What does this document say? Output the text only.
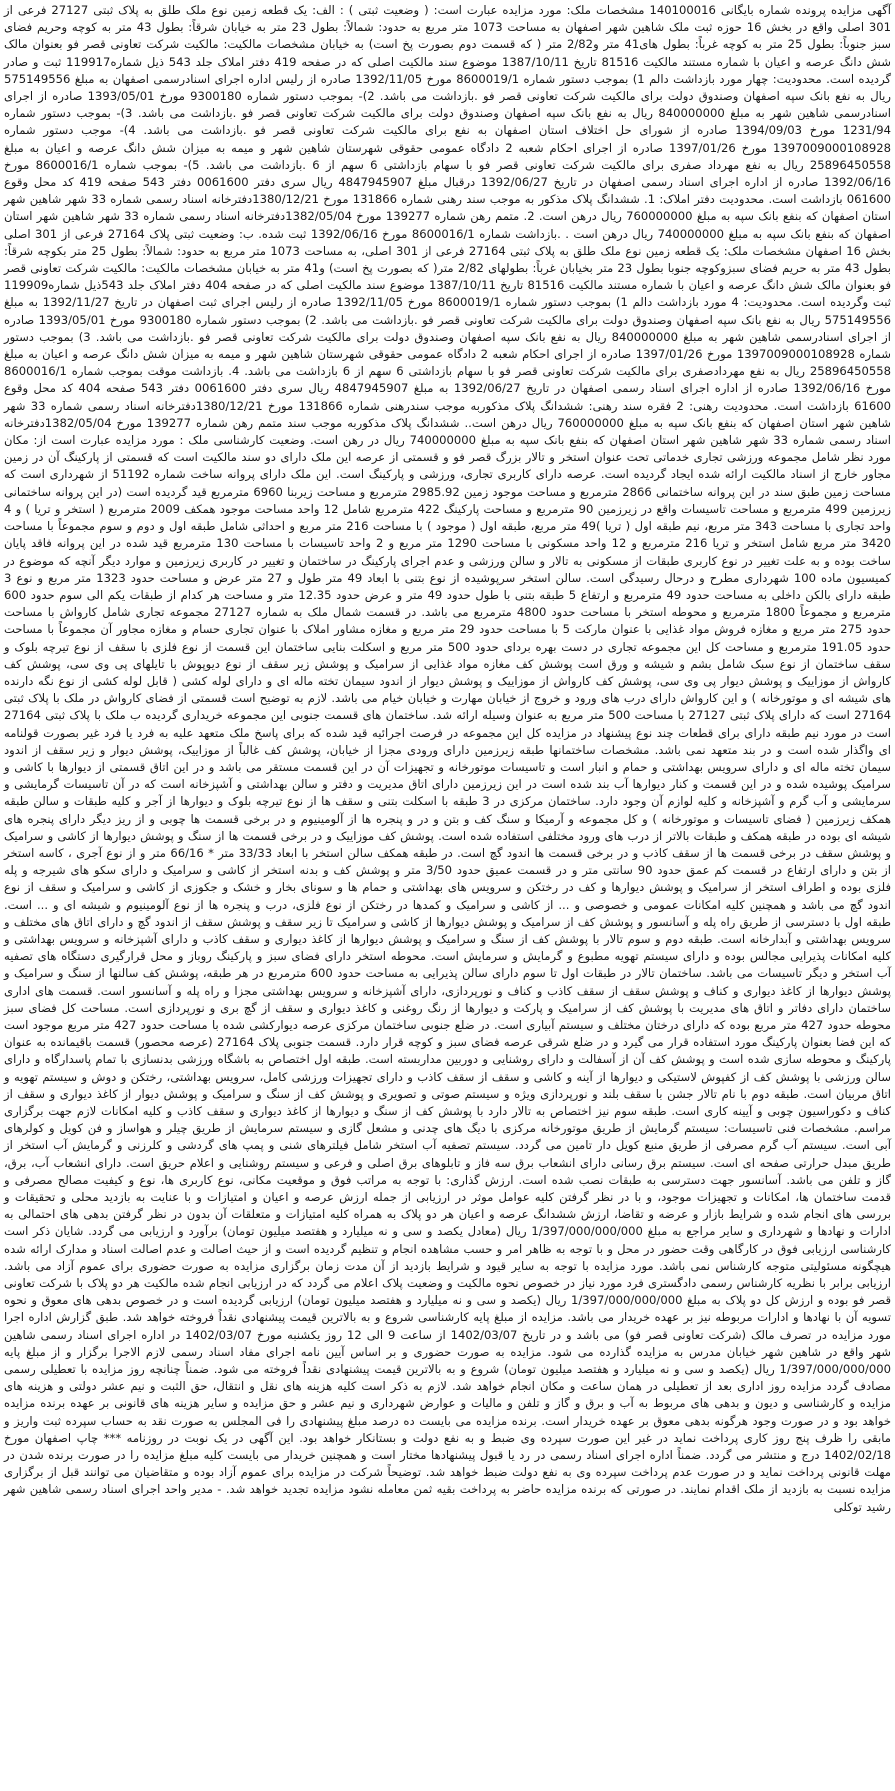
آگهی مزایده پرونده شماره بایگانی 140100016 مشخصات ملک: مورد مزایده عبارت است: ( وضعیت ثبتی ) : الف: یک قطعه زمین نوع ملک طلق به پلاک ثبتی 27127 فرعی از 301 اصلی واقع در بخش 16 حوزه ثبت ملک شاهین شهر اصفهان به مساحت 1073 متر مربع به حدود: شمالاً: بطول 23 متر به خیابان شرقاً: بطول 43 متر به کوچه وحریم فضای سبز جنوباً: بطول 25 متر به کوچه غرباً: بطول های41 متر و2/82 متر ( که قسمت دوم بصورت پخ است) به خیابان مشخصات مالکیت: مالکیت شرکت تعاونی قصر فو بعنوان مالک شش دانگ عرصه و اعیان با شماره مستند مالکیت 81516 تاریخ 1387/10/11 موضوع سند مالکیت اصلی که در صفحه 419 دفتر املاک جلد 543 ذیل شماره119917 ثبت و صادر گردیده است. محدودیت: چهار مورد بازداشت دالم 1) بموجب دستور شماره 8600019/1 مورخ 1392/11/05 صادره از رلیس اداره اجرای اسنادرسمی اصفهان به مبلغ 575149556 ریال به نفع بانک سپه اصفهان وصندوق دولت برای مالکیت شرکت تعاونی قصر فو .بازداشت می باشد. 2)- بموجب دستور شماره 9300180 مورخ 1393/05/01 صادره از اجرای اسنادرسمی شاهین شهر به مبلغ 840000000 ریال به نفع بانک سپه اصفهان وصندوق دولت برای مالکیت شرکت تعاونی قصر فو .بازداشت می باشد. 3)- بموجب دستور شماره 1231/94 مورخ 1394/09/03 صادره از شورای حل اختلاف استان اصفهان به نفع برای مالکیت شرکت تعاونی قصر فو .بازداشت می باشد. 4)- موجب دستور شماره 1397009000108928 مورخ 1397/01/26 صادره از اجرای احکام شعبه 2 دادگاه عمومی حقوقی شهرستان شاهین شهر و میمه به میزان شش دانگ عرصه و اعیان به مبلغ 25896450558 ریال به نفع مهرداد صفری برای مالکیت شرکت تعاونی قصر فو با سهام بازداشتی 6 سهم از 6 .بازداشت می باشد. 5)- بموجب شماره 8600016/1 مورخ 1392/06/16 صادره از اداره اجرای اسناد رسمی اصفهان در تاریخ 1392/06/27 درقبال مبلغ 4847945907 ریال سری دفتر 0061600 دفتر 543 صفحه 419 کد محل وقوع 061600 بازداشت است. محدودیت دفتر املاک: 1. ششدانگ پلاک مذکور به موجب سند رهنی شماره 131866 مورخ 1380/12/21دفترخانه اسناد رسمی شماره 33 شهر شاهین شهر استان اصفهان که بنفع بانک سپه به مبلغ 760000000 ریال درهن است. 2. متمم رهن شماره 139277 مورخ 1382/05/04دفترخانه اسناد رسمی شماره 33 شهر شاهین شهر استان اصفهان که بنفع بانک سپه به مبلغ 740000000 ریال درهن است . .بازداشت شماره 8600016/1 مورخ 1392/06/16 ثبت شده. ب: وضعیت ثبتی پلاک 27164 فرعی از 301 اصلی بخش 16 اصفهان مشخصات ملک: یک قطعه زمین نوع ملک طلق به پلاک ثبتی 27164 فرعی از 301 اصلی، به مساحت 1073 متر مربع به حدود: شمالاً: بطول 25 متر بکوچه شرقاً: بطول 43 متر به حریم فضای سبزوکوچه جنوبا بطول 23 متر بخیابان غرباً: بطولهای 2/82 متر( که بصورت پخ است) و41 متر به خیابان مشخصات مالکیت: مالکیت شرکت تعاونی قصر فو بعنوان مالک شش دانگ عرصه و اعیان با شماره مستند مالکیت 81516 تاریخ 1387/10/11 موضوع سند مالکیت اصلی که در صفحه 404 دفتر املاک جلد 543ذیل شماره119909 ثبت وگردیده است. محدودیت: 4 مورد بازداشت دالم 1) بموجب دستور شماره 8600019/1 مورخ 1392/11/05 صادره از رلیس اجرای ثبت اصفهان در تاریخ 1392/11/27 به مبلغ 575149556 ریال به نفع بانک سپه اصفهان وصندوق دولت برای مالکیت شرکت تعاونی قصر فو .بازداشت می باشد. 2) بموجب دستور شماره 9300180 مورخ 1393/05/01 صادره از اجرای اسنادرسمی شاهین شهر به مبلغ 840000000 ریال به نفع بانک سپه اصفهان وصندوق دولت برای مالکیت شرکت تعاونی قصر فو .بازداشت می باشد. 3) بموجب دستور شماره 1397009000108928 مورخ 1397/01/26 صادره از اجرای احکام شعبه 2 دادگاه عمومی حقوقی شهرستان شاهین شهر و میمه به میزان شش دانگ عرصه و اعیان به مبلغ 25896450558 ریال به نفع مهردادصفری برای مالکیت شرکت تعاونی قصر فو با سهام بازداشتی 6 سهم از 6 بازداشت می باشد. 4. بازداشت موقت بموجب شماره 8600016/1 مورخ 1392/06/16 صادره از اداره اجرای اسناد رسمی اصفهان در تاریخ 1392/06/27 به مبلغ 4847945907 ریال سری دفتر 0061600 دفتر 543 صفحه 404 کد محل وقوع 61600 بازداشت است. محدودیت رهنی: 2 فقره سند رهنی: ششدانگ پلاک مذکوربه موجب سندرهنی شماره 131866 مورخ 1380/12/21دفترخانه اسناد رسمی شماره 33 شهر شاهین شهر استان اصفهان که بنفع بانک سپه به مبلغ 760000000 ریال درهن است.. ششدانگ پلاک مذکوربه موجب سند متمم رهن شماره 139277 مورخ 1382/05/04دفترخانه اسناد رسمی شماره 33 شهر شاهین شهر استان اصفهان که بنفع بانک سپه به مبلغ 740000000 ریال در رهن است. وضعیت کارشناسی ملک : مورد مزایده عبارت است از: مکان مورد نظر شامل مجموعه ورزشی تجاری خدماتی تحت عنوان استخر و تالار بزرگ قصر فو و قسمتی از عرصه این ملک دارای دو سند مالکیت است که قسمتی از پارکینگ آن در زمین مجاور خارج از اسناد مالکیت ارائه شده ایجاد گردیده است. عرصه دارای کاربری تجاری، ورزشی و پارکینگ است. این ملک دارای پروانه ساخت شماره 51192 از شهرداری است که مساحت زمین طبق سند در این پروانه ساختمانی 2866 مترمربع و مساحت موجود زمین 2985.92 مترمربع و مساحت زیربنا 6960 مترمربع قید گردیده است (در این پروانه ساختمانی زیرزمین 499 مترمربع و مساحت تاسیسات واقع در زیرزمین 90 مترمربع و مساحت پارکینگ 422 مترمربع شامل 12 واحد مساحت موجود همکف 2009 مترمربع ( استخر و تریا ) و 4 واحد تجاری با مساحت 343 متر مربع، نیم طبقه اول ( تریا )49 متر مربع، طبقه اول ( موجود ) با مساحت 216 متر مربع و احداثی شامل طبقه اول و دوم و سوم مجموعاً با مساحت 3420 متر مربع شامل استخر و تریا 216 مترمربع و 12 واحد مسکونی با مساحت 1290 متر مربع و 2 واحد تاسیسات با مساحت 130 مترمربع قید شده در این پروانه فاقد پایان ساخت بوده و به علت تغییر در نوع کاربری طبقات از مسکونی به تالار و سالن ورزشی و عدم اجرای پارکینگ در ساختمان و تغییر در کاربری زیرزمین و موارد دیگر آنچه که موضوع در کمیسیون ماده 100 شهرداری مطرح و درحال رسیدگی است. سالن استخر سرپوشیده از نوع بتنی با ابعاد 49 متر طول و 27 متر عرض و مساحت حدود 1323 متر مربع و نوع 3 طبقه دارای بالکن داخلی به مساحت حدود 49 مترمربع و ارتفاع 5 طبقه بتنی با طول حدود 49 متر و عرض حدود 12.35 متر و مساحت هر کدام از طبقات یکم الی سوم حدود 600 مترمربع و مجموعاً 1800 مترمربع و محوطه استخر با مساحت حدود 4800 مترمربع می باشد. در قسمت شمال ملک به شماره 27127 مجموعه تجاری شامل کارواش با مساحت حدود 275 متر مربع و مغازه فروش مواد غذایی با عنوان مارکت 5 با مساحت حدود 29 متر مربع و مغازه مشاور املاک با عنوان تجاری حسام و مغازه مجاور آن مجموعاً با مساحت حدود 191.05 مترمربع و مساحت کل این مجموعه تجاری در دست بهره بردای حدود 500 متر مربع و اسکلت بنایی ساختمان این قسمت از نوع فلزی با سقف از نوع تیرچه بلوک و سقف ساختمان از نوع سبک شامل بشم و شیشه و ورق است پوشش کف مغازه مواد غذایی از سرامیک و پوشش زیر سقف از نوع دیوپوش با تایلهای پی وی سی، پوشش کف کارواش از موزاییک و پوشش دیوار پی وی سی، پوشش کف کارواش از موزاییک و پوشش دیوار از اندود سیمان تخته ماله ای و دارای لوله کشی ( قابل لوله کشی از نوع نگه دارنده های شیشه ای و موتورخانه ) و این کارواش دارای درب های ورود و خروج از خیابان مهارت و خیابان خیام می باشد. لازم به توضیح است قسمتی از فضای کارواش در ملک با پلاک ثبتی 27164 است که دارای پلاک ثبتی 27127 با مساحت 500 متر مربع به عنوان وسیله ارائه شد. ساختمان های قسمت جنوبی این مجموعه خریداری گردیده ب ملک با پلاک ثبتی 27164 است در مورد نیم طبقه دارای برای قطعات چند نوع پیشنهاد در مزایده کل این مجموعه در فرصت اجرائیه قید شده که برای پاسخ ملک متعهد علیه به فرد یا فرد غیر بصورت قولنامه ای واگذار شده است و در بند متعهد نمی باشد. مشخصات ساختمانها طبقه زیرزمین دارای ورودی مجزا از خیابان، پوشش کف غالباً از موزاییک، پوشش دیوار و زیر سقف از اندود سیمان تخته ماله ای و دارای سرویس بهداشتی و حمام و انبار است و تاسیسات موتورخانه و تجهیزات آن در این قسمت مستقر می باشد و در این اتاق قسمتی از دیوارها با کاشی و سرامیک پوشیده شده و در این قسمت و کنار دیوارها آب بند شده است در این زیرزمین دارای اتاق مدیریت و دفتر و سالن بهداشتی و آشپزخانه است که در آن تاسیسات گرمایشی و سرمایشی و آب گرم و آشپزخانه و کلیه لوازم آن وجود دارد. ساختمان مرکزی در 3 طبقه با اسکلت بتنی و سقف ها از نوع تیرچه بلوک و دیوارها از آجر و کلیه طبقات و سالن طبقه همکف زیرزمین ( فضای تاسیسات و موتورخانه ) و کل مجموعه و آرمیکا و سنگ کف و بتن و در و پنجره ها از آلومینیوم و در برخی قسمت ها چوبی و از ریز دیگر دارای پنجره های شیشه ای بوده در طبقه همکف و طبقات بالاتر از درب های ورود مختلفی استفاده شده است. پوشش کف موزاییک و در برخی قسمت ها از سنگ و پوشش دیوارها از کاشی و سرامیک و پوشش سقف در برخی قسمت ها از سقف کاذب و در برخی قسمت ها اندود گچ است. در طبقه همکف سالن استخر با ابعاد 33/33 متر * 66/16 متر و از نوع آجری ، کاسه استخر از بتن و دارای ارتفاع در قسمت کم عمق حدود 90 سانتی متر و در قسمت عمیق حدود 3/50 متر و پوشش کف و بدنه استخر از کاشی و سرامیک و دارای سکو های شیرجه و پله فلزی بوده و اطراف استخر از سرامیک و پوشش دیوارها و کف در رختکن و سرویس های بهداشتی و حمام ها و سونای بخار و خشک و جکوزی از کاشی و سرامیک و سقف از نوع اندود گچ می باشد و همچنین کلیه امکانات عمومی و خصوصی و ... از کاشی و سرامیک و کمدها در رختکن از نوع فلزی، درب و پنجره ها از نوع آلومینیوم و شیشه ای و ... است. طبقه اول با دسترسی از طریق راه پله و آسانسور و پوشش کف از سرامیک و پوشش دیوارها از کاشی و سرامیک تا زیر سقف و پوشش سقف از اندود گچ و دارای اتاق های مختلف و سرویس بهداشتی و آبدارخانه است. طبقه دوم و سوم تالار با پوشش کف از سنگ و سرامیک و پوشش دیوارها از کاغذ دیواری و سقف کاذب و دارای آشپزخانه و سرویس بهداشتی و کلیه امکانات پذیرایی مجالس بوده و دارای سیستم تهویه مطبوع و گرمایش و سرمایش است. محوطه استخر دارای فضای سبز و پارکینگ روباز و محل قرارگیری دستگاه های تصفیه آب استخر و دیگر تاسیسات می باشد. ساختمان تالار در طبقات اول تا سوم دارای سالن پذیرایی به مساحت حدود 600 مترمربع در هر طبقه، پوشش کف سالنها از سنگ و سرامیک و پوشش دیوارها از کاغذ دیواری و کناف و پوشش سقف از سقف کاذب و کناف و نورپردازی، دارای آشپزخانه و سرویس بهداشتی مجزا و راه پله و آسانسور است. قسمت های اداری ساختمان دارای دفاتر و اتاق های مدیریت با پوشش کف از سرامیک و پارکت و دیوارها از رنگ روغنی و کاغذ دیواری و سقف از گچ بری و نورپردازی است. مساحت کل فضای سبز محوطه حدود 427 متر مربع بوده که دارای درختان مختلف و سیستم آبیاری است. در ضلع جنوبی ساختمان مرکزی عرصه دیوارکشی شده با مساحت حدود 427 متر مربع موجود است که این فضا بعنوان پارکینگ مورد استفاده قرار می گیرد و در ضلع شرقی عرصه فضای سبز و کوچه قرار دارد. قسمت جنوبی پلاک 27164 (عرصه محصور) قسمت باقیمانده به عنوان پارکینگ و محوطه سازی شده است و پوشش کف آن از آسفالت و دارای روشنایی و دوربین مداربسته است. طبقه اول اختصاص به باشگاه ورزشی بدنسازی با تمام پاسدارگاه و دارای سالن ورزشی با پوشش کف از کفپوش لاستیکی و دیوارها از آینه و کاشی و سقف از سقف کاذب و دارای تجهیزات ورزشی کامل، سرویس بهداشتی، رختکن و دوش و سیستم تهویه و اتاق مربیان است. طبقه دوم با نام تالار جشن با سقف بلند و نورپردازی ویژه و سیستم صوتی و تصویری و پوشش کف از سنگ و سرامیک و پوشش دیوار از کاغذ دیواری و سقف از کناف و دکوراسیون چوبی و آیینه کاری است. طبقه سوم نیز اختصاص به تالار دارد با پوشش کف از سنگ و دیوارها از کاغذ دیواری و سقف کاذب و کلیه امکانات لازم جهت برگزاری مراسم. مشخصات فنی تاسیسات: سیستم گرمایش از طریق موتورخانه مرکزی با دیگ های چدنی و مشعل گازی و سیستم سرمایش از طریق چیلر و هواساز و فن کویل و کولرهای آبی است. سیستم آب گرم مصرفی از طریق منبع کویل دار تامین می گردد. سیستم تصفیه آب استخر شامل فیلترهای شنی و پمپ های گردشی و کلرزنی و گرمایش آب استخر از طریق مبدل حرارتی صفحه ای است. سیستم برق رسانی دارای انشعاب برق سه فاز و تابلوهای برق اصلی و فرعی و سیستم روشنایی و اعلام حریق است. دارای انشعاب آب، برق، گاز و تلفن می باشد. آسانسور جهت دسترسی به طبقات نصب شده است. ارزش گذاری: با توجه به مراتب فوق و موقعیت مکانی، نوع کاربری ها، نوع و کیفیت مصالح مصرفی و قدمت ساختمان ها، امکانات و تجهیزات موجود، و با در نظر گرفتن کلیه عوامل موثر در ارزیابی از جمله ارزش عرصه و اعیان و امتیازات و با عنایت به بازدید محلی و تحقیقات و بررسی های انجام شده و شرایط بازار و عرضه و تقاضا، ارزش ششدانگ عرصه و اعیان هر دو پلاک به همراه کلیه امتیازات و متعلقات آن بدون در نظر گرفتن بدهی های احتمالی به ادارات و نهادها و شهرداری و سایر مراجع به مبلغ 1/397/000/000/000 ریال (معادل یکصد و سی و نه میلیارد و هفتصد میلیون تومان) برآورد و ارزیابی می گردد. شایان ذکر است کارشناسی ارزیابی فوق در کارگاهی وقت حضور در محل و با توجه به ظاهر امر و حسب مشاهده انجام و تنظیم گردیده است و از حیث اصالت و عدم اصالت اسناد و مدارک ارائه شده هیچگونه مسئولیتی متوجه کارشناس نمی باشد. مورد مزایده با توجه به سایر قیود و شرایط بازدید از آن مدت زمان برگزاری مزایده به صورت حضوری برای عموم آزاد می باشد. ارزیابی برابر با نظریه کارشناس رسمی دادگستری فرد مورد نیاز در خصوص نحوه مالکیت و وضعیت پلاک اعلام می گردد که در ارزیابی انجام شده مالکیت هر دو پلاک با شرکت تعاونی قصر فو بوده و ارزش کل دو پلاک به مبلغ 1/397/000/000/000 ریال (یکصد و سی و نه میلیارد و هفتصد میلیون تومان) ارزیابی گردیده است و در خصوص بدهی های معوق و نحوه تسویه آن با نهادها و ادارات مربوطه نیز بر عهده خریدار می باشد. مزایده از مبلغ پایه کارشناسی شروع و به بالاترین قیمت پیشنهادی نقداً فروخته خواهد شد. طبق گزارش اداره اجرا مورد مزایده در تصرف مالک (شرکت تعاونی قصر فو) می باشد و در تاریخ 1402/03/07 از ساعت 9 الی 12 روز یکشنبه مورخ 1402/03/07 در اداره اجرای اسناد رسمی شاهین شهر واقع در شاهین شهر خیابان مدرس به مزایده گذارده می شود. مزایده به صورت حضوری و بر اساس آیین نامه اجرای مفاد اسناد رسمی لازم الاجرا برگزار و از مبلغ پایه 1/397/000/000/000 ریال (یکصد و سی و نه میلیارد و هفتصد میلیون تومان) شروع و به بالاترین قیمت پیشنهادی نقداً فروخته می شود. ضمناً چنانچه روز مزایده با تعطیلی رسمی مصادف گردد مزایده روز اداری بعد از تعطیلی در همان ساعت و مکان انجام خواهد شد. لازم به ذکر است کلیه هزینه های نقل و انتقال، حق الثبت و نیم عشر دولتی و هزینه های مزایده و کارشناسی و دیون و بدهی های مربوط به آب و برق و گاز و تلفن و مالیات و عوارض شهرداری و نیم عشر و حق مزایده و سایر هزینه های قانونی بر عهده برنده مزایده خواهد بود و در صورت وجود هرگونه بدهی معوق بر عهده خریدار است. برنده مزایده می بایست ده درصد مبلغ پیشنهادی را فی المجلس به صورت نقد به حساب سپرده ثبت واریز و مابقی را ظرف پنج روز کاری پرداخت نماید در غیر این صورت سپرده وی ضبط و به نفع دولت و بستانکار خواهد بود. این آگهی در یک نوبت در روزنامه *** چاپ اصفهان مورخ 1402/02/18 درج و منتشر می گردد. ضمناً اداره اجرای اسناد رسمی در رد یا قبول پیشنهادها مختار است و همچنین خریدار می بایست کلیه مبلغ مزایده را در صورت برنده شدن در مهلت قانونی پرداخت نماید و در صورت عدم پرداخت سپرده وی به نفع دولت ضبط خواهد شد. توضیحاً شرکت در مزایده برای عموم آزاد بوده و متقاضیان می توانند قبل از برگزاری مزایده نسبت به بازدید از ملک اقدام نمایند. در صورتی که برنده مزایده حاضر به پرداخت بقیه ثمن معامله نشود مزایده تجدید خواهد شد. - مدیر واحد اجرای اسناد رسمی شاهین شهر رشید توکلی
